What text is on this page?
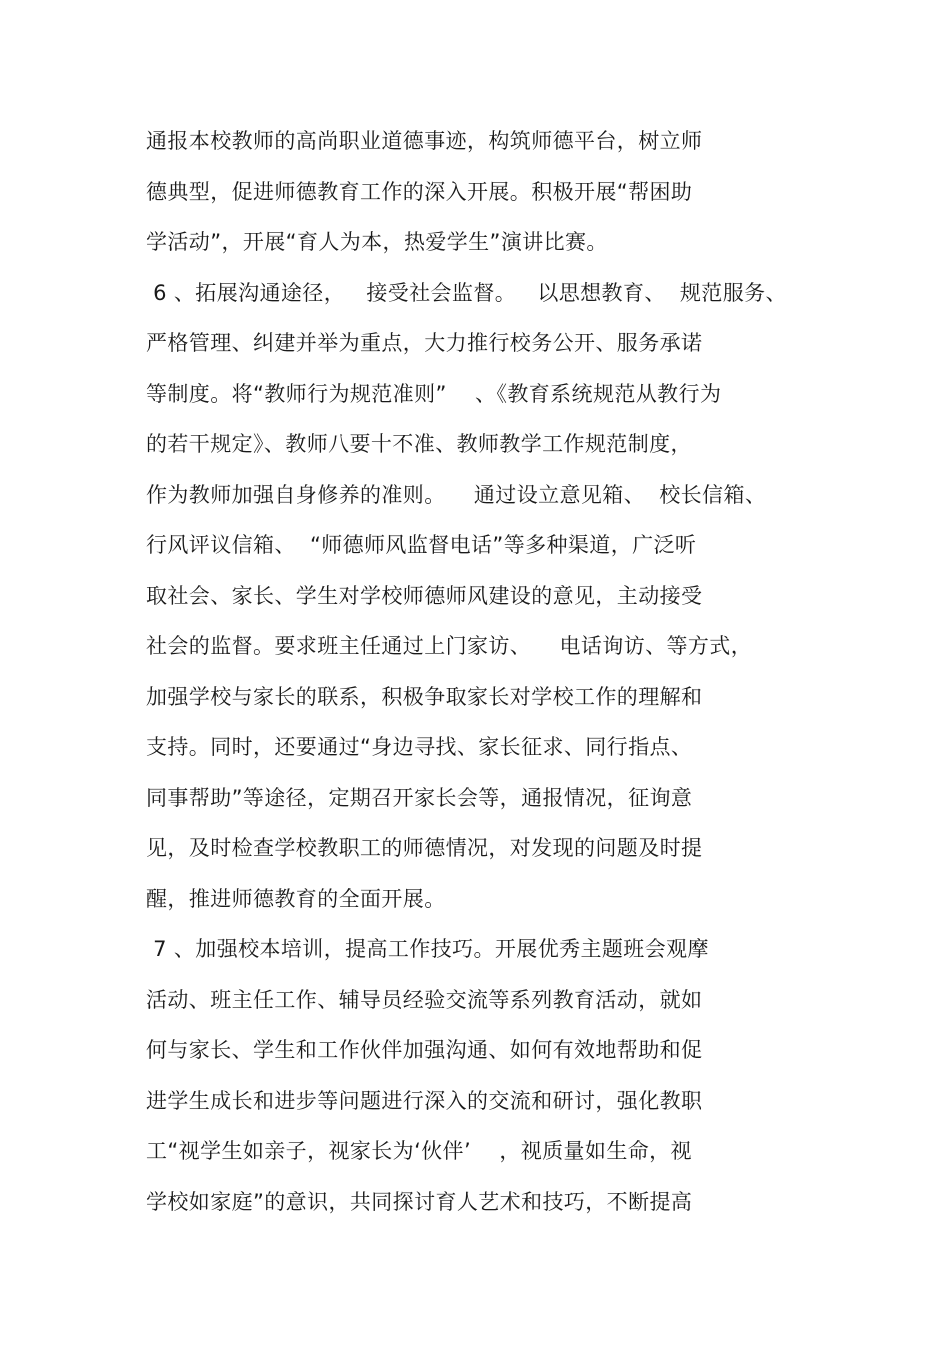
通报本校教师的高尚职业道德事迹，构筑师德平台，树立师
德典型，促进师德教育工作的深入开展。积极开展“帮困助
学活动”，开展“育人为本，热爱学生”演讲比赛。
6 、拓展沟通途径，   接受社会监督。   以思想教育、  规范服务、
严格管理、纠建并举为重点，大力推行校务公开、服务承诺
等制度。将“教师行为规范准则”    、《教育系统规范从教行为
的若干规定》、教师八要十不准、教师教学工作规范制度，
作为教师加强自身修养的准则。    通过设立意见箱、  校长信箱、
行风评议信箱、  “师德师风监督电话”等多种渠道，广泛听
取社会、家长、学生对学校师德师风建设的意见，主动接受
社会的监督。要求班主任通过上门家访、    电话询访、等方式，
加强学校与家长的联系，积极争取家长对学校工作的理解和
支持。同时，还要通过“身边寻找、家长征求、同行指点、
同事帮助”等途径，定期召开家长会等，通报情况，征询意
见，及时检查学校教职工的师德情况，对发现的问题及时提
醒，推进师德教育的全面开展。
7 、加强校本培训，提高工作技巧。开展优秀主题班会观摩
活动、班主任工作、辅导员经验交流等系列教育活动，就如
何与家长、学生和工作伙伴加强沟通、如何有效地帮助和促
进学生成长和进步等问题进行深入的交流和研讨，强化教职
工“视学生如亲子，视家长为‘伙伴’    ，视质量如生命，视
学校如家庭”的意识，共同探讨育人艺术和技巧，不断提高
